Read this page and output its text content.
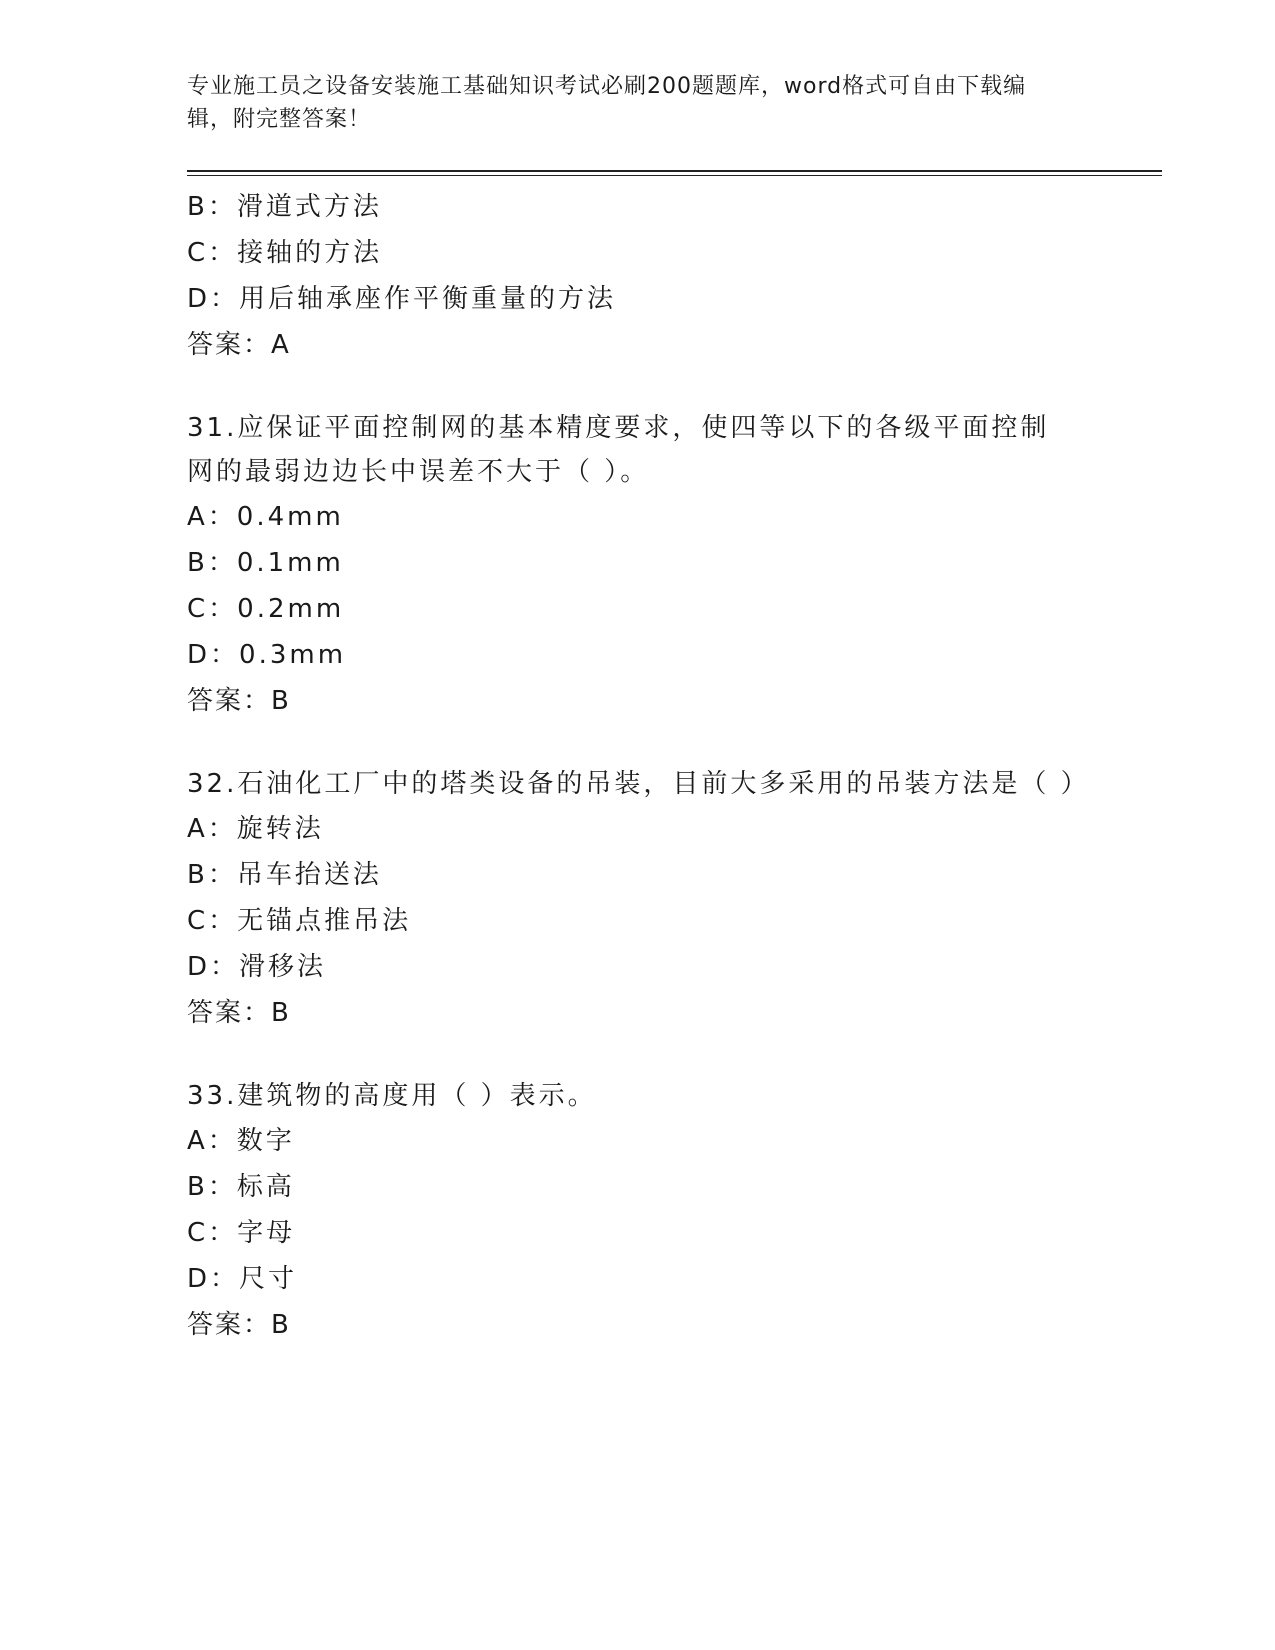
专业施工员之设备安装施工基础知识考试必刷200题题库，word格式可自由下载编辑，附完整答案！

B：滑道式方法
C：接轴的方法
D：用后轴承座作平衡重量的方法
答案：A
31.应保证平面控制网的基本精度要求，使四等以下的各级平面控制网的最弱边边长中误差不大于（ ）。
A：0.4mm
B：0.1mm
C：0.2mm
D：0.3mm
答案：B
32.石油化工厂中的塔类设备的吊装，目前大多采用的吊装方法是（ ）
A：旋转法
B：吊车抬送法
C：无锚点推吊法
D：滑移法
答案：B
33.建筑物的高度用（ ）表示。
A：数字
B：标高
C：字母
D：尺寸
答案：B
